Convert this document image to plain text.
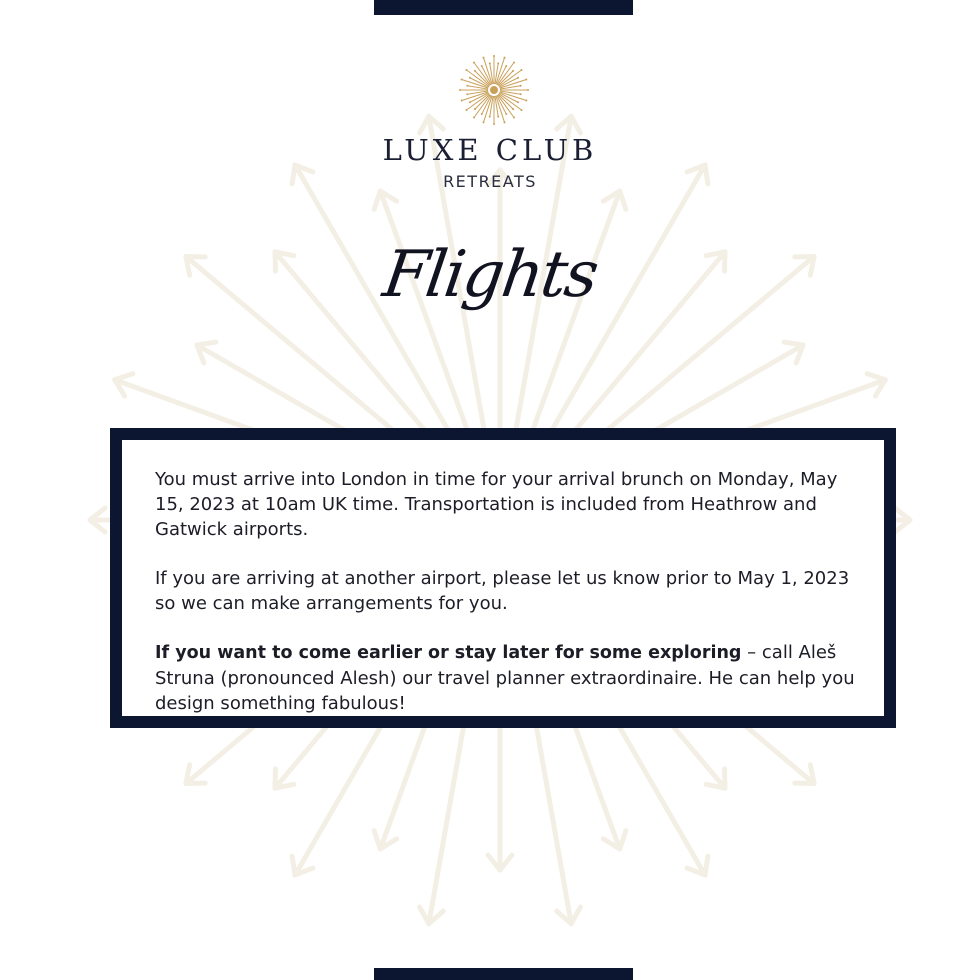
LUXE CLUB
RETREATS
Flights

You must arrive into London in time for your arrival brunch on Monday, May 15, 2023 at 10am UK time. Transportation is included from Heathrow and Gatwick airports.

If you are arriving at another airport, please let us know prior to May 1, 2023 so we can make arrangements for you.

If you want to come earlier or stay later for some exploring – call Aleš Struna (pronounced Alesh) our travel planner extraordinaire. He can help you design something fabulous!
